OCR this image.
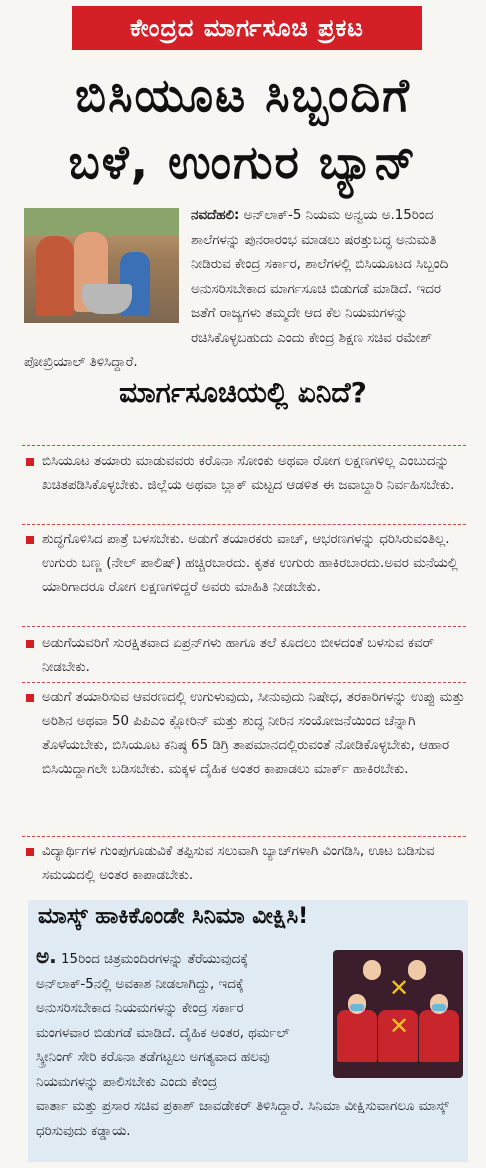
ಕೇಂದ್ರದ ಮಾರ್ಗಸೂಚಿ ಪ್ರಕಟ
ಬಿಸಿಯೂಟ ಸಿಬ್ಬಂದಿಗೆ
ಬಳೆ, ಉಂಗುರ ಬ್ಯಾನ್
ನವದೆಹಲಿ: ಅನ್‌ಲಾಕ್-5 ನಿಯಮ ಅನ್ವಯ ಅ.15ರಿಂದ ಶಾಲೆಗಳನ್ನು ಪುನರಾರಂಭ ಮಾಡಲು ಷರತ್ತುಬದ್ಧ ಅನುಮತಿ ನೀಡಿರುವ ಕೇಂದ್ರ ಸರ್ಕಾರ, ಶಾಲೆಗಳಲ್ಲಿ ಬಿಸಿಯೂಟದ ಸಿಬ್ಬಂದಿ ಅನುಸರಿಸಬೇಕಾದ ಮಾರ್ಗಸೂಚಿ ಬಿಡುಗಡೆ ಮಾಡಿದೆ. ಇದರ ಜತೆಗೆ ರಾಜ್ಯಗಳು ತಮ್ಮದೇ ಆದ ಕೆಲ ನಿಯಮಗಳನ್ನು ರಚಿಸಿಕೊಳ್ಳಬಹುದು ಎಂದು ಕೇಂದ್ರ ಶಿಕ್ಷಣ ಸಚಿವ ರಮೇಶ್ ಪೋಖ್ರಿಯಾಲ್ ತಿಳಿಸಿದ್ದಾರೆ.
ಮಾರ್ಗಸೂಚಿಯಲ್ಲಿ ಏನಿದೆ?
ಬಿಸಿಯೂಟ ತಯಾರು ಮಾಡುವವರು ಕರೊನಾ ಸೋಂಕು ಅಥವಾ ರೋಗ ಲಕ್ಷಣಗಳಿಲ್ಲ ಎಂಬುದನ್ನು ಖಚಿತಪಡಿಸಿಕೊಳ್ಳಬೇಕು. ಜಿಲ್ಲೆಯ ಅಥವಾ ಬ್ಲಾಕ್ ಮಟ್ಟದ ಆಡಳಿತ ಈ ಜವಾಬ್ದಾರಿ ನಿರ್ವಹಿಸಬೇಕು.
ಶುದ್ಧಗೊಳಿಸಿದ ಪಾತ್ರೆ ಬಳಸಬೇಕು. ಅಡುಗೆ ತಯಾರಕರು ವಾಚ್, ಆಭರಣಗಳನ್ನು ಧರಿಸಿರುವಂತಿಲ್ಲ. ಉಗುರು ಬಣ್ಣ (ನೇಲ್ ಪಾಲಿಷ್) ಹಚ್ಚಿರಬಾರದು. ಕೃತಕ ಉಗುರು ಹಾಕಿರಬಾರದು.ಅವರ ಮನೆಯಲ್ಲಿ ಯಾರಿಗಾದರೂ ರೋಗ ಲಕ್ಷಣಗಳಿದ್ದರೆ ಅವರು ಮಾಹಿತಿ ನೀಡಬೇಕು.
ಅಡುಗೆಯವರಿಗೆ ಸುರಕ್ಷಿತವಾದ ಏಪ್ರನ್‌ಗಳು ಹಾಗೂ ತಲೆ ಕೂದಲು ಬೀಳದಂತೆ ಬಳಸುವ ಕವರ್ ನೀಡಬೇಕು.
ಅಡುಗೆ ತಯಾರಿಸುವ ಆವರಣದಲ್ಲಿ ಉಗುಳುವುದು, ಸೀನುವುದು ನಿಷೇಧ, ತರಕಾರಿಗಳನ್ನು ಉಪ್ಪು ಮತ್ತು ಅರಿಶಿನ ಅಥವಾ 50 ಪಿಪಿಎಂ ಕ್ಲೋರಿನ್ ಮತ್ತು ಶುದ್ಧ ನೀರಿನ ಸಂಯೋಜನೆಯಿಂದ ಚೆನ್ನಾಗಿ ತೊಳೆಯಬೇಕು, ಬಿಸಿಯೂಟ ಕನಿಷ್ಠ 65 ಡಿಗ್ರಿ ತಾಪಮಾನದಲ್ಲಿರುವಂತೆ ನೋಡಿಕೊಳ್ಳಬೇಕು, ಆಹಾರ ಬಿಸಿಯಿದ್ದಾಗಲೇ ಬಡಿಸಬೇಕು. ಮಕ್ಕಳ ದೈಹಿಕ ಅಂತರ ಕಾಪಾಡಲು ಮಾರ್ಕ್ ಹಾಕಿರಬೇಕು.
ವಿದ್ಯಾರ್ಥಿಗಳ ಗುಂಪುಗೂಡುವಿಕೆ ತಪ್ಪಿಸುವ ಸಲುವಾಗಿ ಬ್ಯಾಚ್‌ಗಳಾಗಿ ವಿಂಗಡಿಸಿ, ಊಟ ಬಡಿಸುವ ಸಮಯದಲ್ಲಿ ಅಂತರ ಕಾಪಾಡಬೇಕು.
ಮಾಸ್ಕ್ ಹಾಕಿಕೊಂಡೇ ಸಿನಿಮಾ ವೀಕ್ಷಿಸಿ!
ಅ. 15ರಿಂದ ಚಿತ್ರಮಂದಿರಗಳನ್ನು ತೆರೆಯುವುದಕ್ಕೆ ಅನ್‌ಲಾಕ್-5ನಲ್ಲಿ ಅವಕಾಶ ನೀಡಲಾಗಿದ್ದು, ಇದಕ್ಕೆ ಅನುಸರಿಸಬೇಕಾದ ನಿಯಮಗಳನ್ನು ಕೇಂದ್ರ ಸರ್ಕಾರ ಮಂಗಳವಾರ ಬಿಡುಗಡೆ ಮಾಡಿದೆ. ದೈಹಿಕ ಅಂತರ, ಥರ್ಮಲ್ ಸ್ಕ್ರೀನಿಂಗ್ ಸೇರಿ ಕರೊನಾ ತಡೆಗಟ್ಟಲು ಅಗತ್ಯವಾದ ಹಲವು ನಿಯಮಗಳನ್ನು ಪಾಲಿಸಬೇಕು ಎಂದು ಕೇಂದ್ರ
ವಾರ್ತಾ ಮತ್ತು ಪ್ರಸಾರ ಸಚಿವ ಪ್ರಕಾಶ್ ಜಾವಡೇಕರ್ ತಿಳಿಸಿದ್ದಾರೆ. ಸಿನಿಮಾ ವೀಕ್ಷಿಸುವಾಗಲೂ ಮಾಸ್ಕ್ ಧರಿಸುವುದು ಕಡ್ಡಾಯ.
✕
✕
